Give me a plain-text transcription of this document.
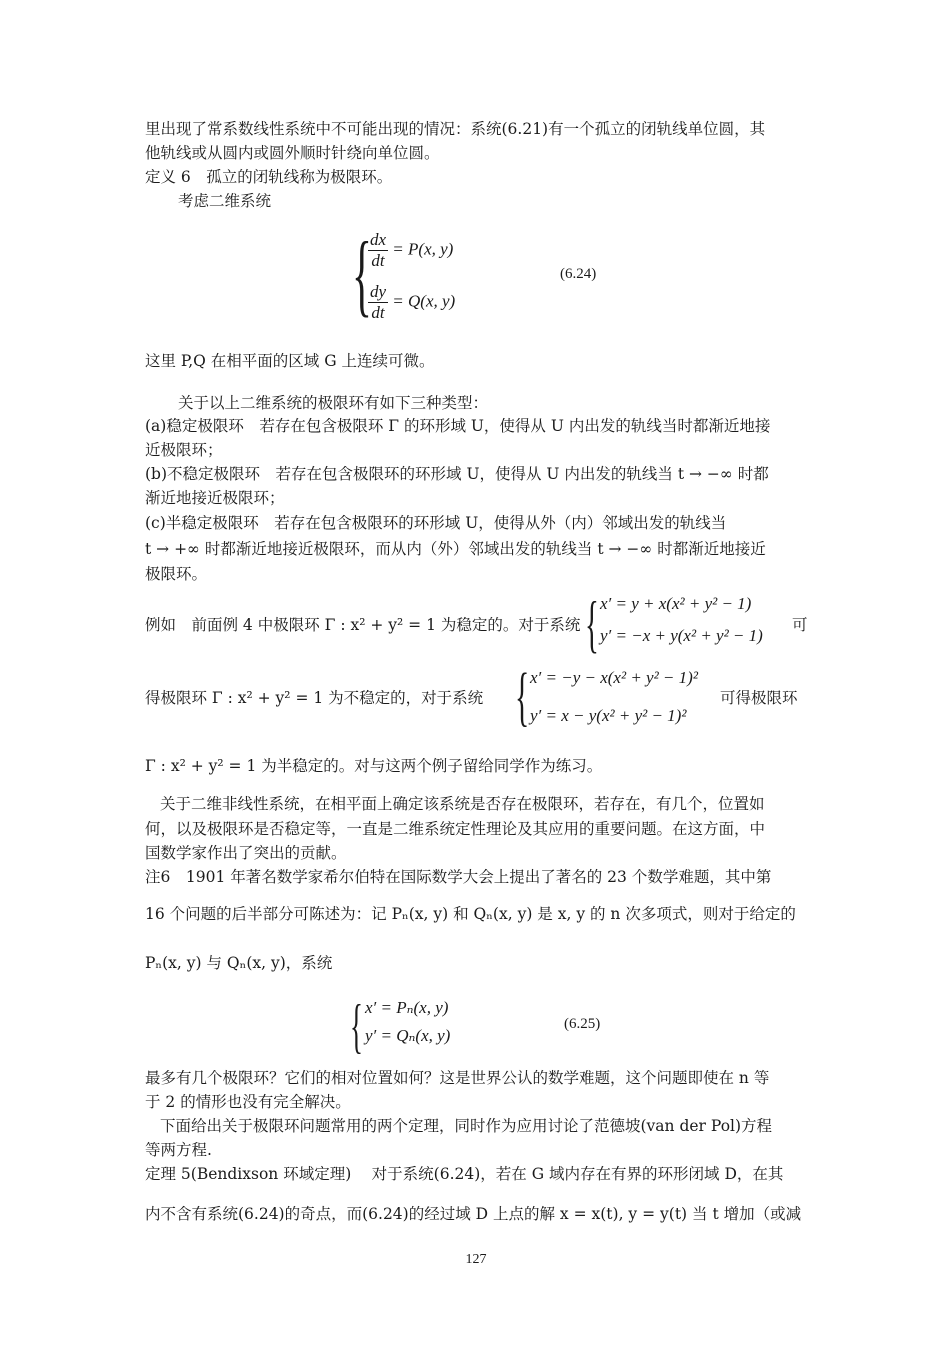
里出现了常系数线性系统中不可能出现的情况：系统(6.21)有一个孤立的闭轨线单位圆，其
他轨线或从圆内或圆外顺时针绕向单位圆。
定义 6　孤立的闭轨线称为极限环。
考虑二维系统
{
$\frac{dx}{dt} = P(x$, y)
$\frac{dy}{dt} = Q(x$, y)
(6.24)
这里 P,Q 在相平面的区域 G 上连续可微。
关于以上二维系统的极限环有如下三种类型：
(a)稳定极限环　若存在包含极限环 Γ 的环形域 U，使得从 U 内出发的轨线当时都渐近地接
近极限环；
(b)不稳定极限环　若存在包含极限环的环形域 U，使得从 U 内出发的轨线当 t → −∞ 时都
渐近地接近极限环；
(c)半稳定极限环　若存在包含极限环的环形域 U，使得从外（内）邻域出发的轨线当
t → +∞ 时都渐近地接近极限环，而从内（外）邻域出发的轨线当 t → −∞ 时都渐近地接近
极限环。
例如　前面例 4 中极限环 Γ : x² + y² = 1 为稳定的。对于系统 { x′ = y + x(x² + y² − 1)
y′ = −x + y(x² + y² − 1)
可
得极限环 Γ : x² + y² = 1 为不稳定的，对于系统 { x′ = −y − x(x² + y² − 1)²
y′ = x − y(x² + y² − 1)²
可得极限环
Γ : x² + y² = 1 为半稳定的。对与这两个例子留给同学作为练习。
关于二维非线性系统，在相平面上确定该系统是否存在极限环，若存在，有几个，位置如
何，以及极限环是否稳定等，一直是二维系统定性理论及其应用的重要问题。在这方面，中
国数学家作出了突出的贡献。
注6　1901 年著名数学家希尔伯特在国际数学大会上提出了著名的 23 个数学难题，其中第
16 个问题的后半部分可陈述为：记 Pₙ(x, y) 和 Qₙ(x, y) 是 x, y 的 n 次多项式，则对于给定的
Pₙ(x, y) 与 Qₙ(x, y)，系统
{ x′ = Pₙ(x, y)
y′ = Qₙ(x, y)
(6.25)
最多有几个极限环？它们的相对位置如何？这是世界公认的数学难题，这个问题即使在 n 等
于 2 的情形也没有完全解决。
下面给出关于极限环问题常用的两个定理，同时作为应用讨论了范德坡(van der Pol)方程
等两方程.
定理 5(Bendixson 环域定理)　 对于系统(6.24)，若在 G 域内存在有界的环形闭域 D，在其
内不含有系统(6.24)的奇点，而(6.24)的经过域 D 上点的解 x = x(t), y = y(t) 当 t 增加（或减
127
